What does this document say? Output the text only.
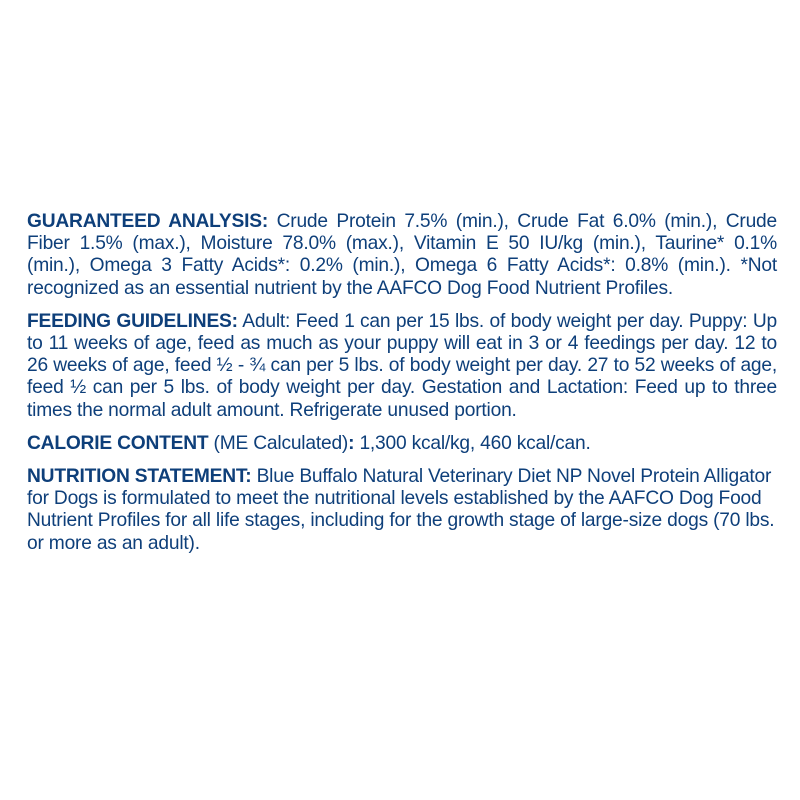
GUARANTEED ANALYSIS: Crude Protein 7.5% (min.), Crude Fat 6.0% (min.), Crude Fiber 1.5% (max.), Moisture 78.0% (max.), Vitamin E 50 IU/kg (min.), Taurine* 0.1% (min.), Omega 3 Fatty Acids*: 0.2% (min.), Omega 6 Fatty Acids*: 0.8% (min.). *Not recognized as an essential nutrient by the AAFCO Dog Food Nutrient Profiles.

FEEDING GUIDELINES: Adult: Feed 1 can per 15 lbs. of body weight per day. Puppy: Up to 11 weeks of age, feed as much as your puppy will eat in 3 or 4 feedings per day. 12 to 26 weeks of age, feed ½ - ¾ can per 5 lbs. of body weight per day. 27 to 52 weeks of age, feed ½ can per 5 lbs. of body weight per day. Gestation and Lactation: Feed up to three times the normal adult amount. Refrigerate unused portion.

CALORIE CONTENT (ME Calculated): 1,300 kcal/kg, 460 kcal/can.

NUTRITION STATEMENT: Blue Buffalo Natural Veterinary Diet NP Novel Protein Alligator for Dogs is formulated to meet the nutritional levels established by the AAFCO Dog Food Nutrient Profiles for all life stages, including for the growth stage of large-size dogs (70 lbs. or more as an adult).
